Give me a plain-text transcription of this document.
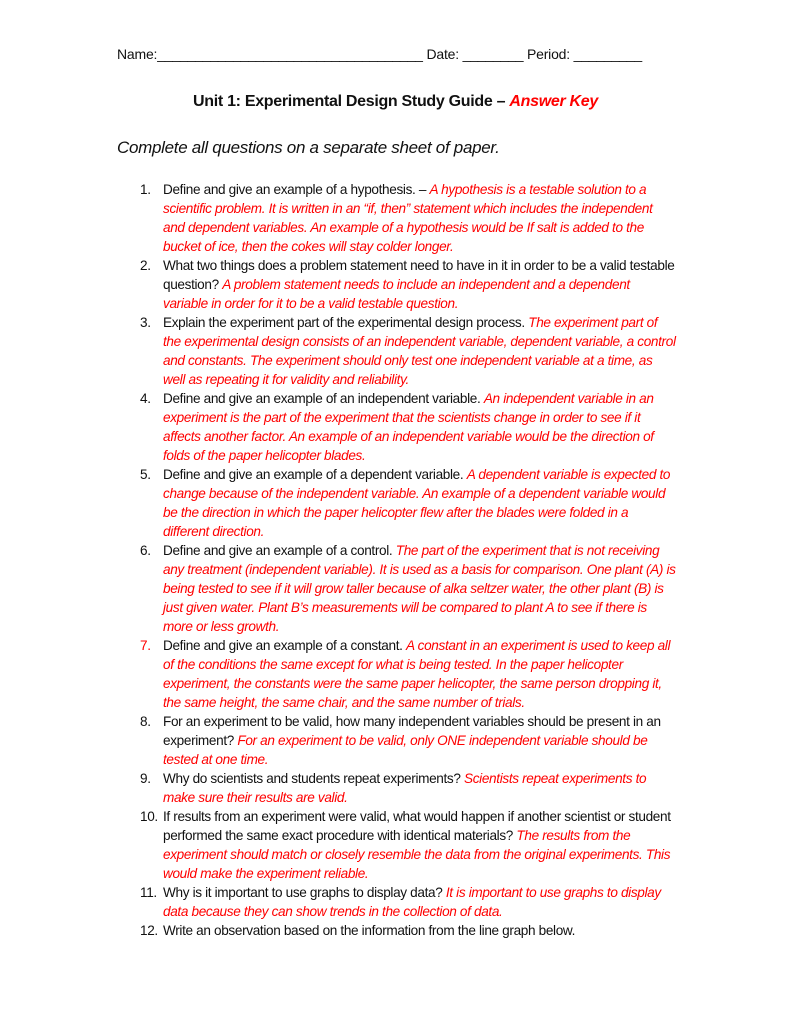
Name:___________________________________ Date: ________ Period: _________
Unit 1: Experimental Design Study Guide – Answer Key
Complete all questions on a separate sheet of paper.
1. Define and give an example of a hypothesis. – A hypothesis is a testable solution to a scientific problem. It is written in an “if, then” statement which includes the independent and dependent variables. An example of a hypothesis would be If salt is added to the bucket of ice, then the cokes will stay colder longer.
2. What two things does a problem statement need to have in it in order to be a valid testable question? A problem statement needs to include an independent and a dependent variable in order for it to be a valid testable question.
3. Explain the experiment part of the experimental design process. The experiment part of the experimental design consists of an independent variable, dependent variable, a control and constants. The experiment should only test one independent variable at a time, as well as repeating it for validity and reliability.
4. Define and give an example of an independent variable. An independent variable in an experiment is the part of the experiment that the scientists change in order to see if it affects another factor. An example of an independent variable would be the direction of folds of the paper helicopter blades.
5. Define and give an example of a dependent variable. A dependent variable is expected to change because of the independent variable. An example of a dependent variable would be the direction in which the paper helicopter flew after the blades were folded in a different direction.
6. Define and give an example of a control. The part of the experiment that is not receiving any treatment (independent variable). It is used as a basis for comparison. One plant (A) is being tested to see if it will grow taller because of alka seltzer water, the other plant (B) is just given water. Plant B’s measurements will be compared to plant A to see if there is more or less growth.
7. Define and give an example of a constant. A constant in an experiment is used to keep all of the conditions the same except for what is being tested. In the paper helicopter experiment, the constants were the same paper helicopter, the same person dropping it, the same height, the same chair, and the same number of trials.
8. For an experiment to be valid, how many independent variables should be present in an experiment? For an experiment to be valid, only ONE independent variable should be tested at one time.
9. Why do scientists and students repeat experiments? Scientists repeat experiments to make sure their results are valid.
10. If results from an experiment were valid, what would happen if another scientist or student performed the same exact procedure with identical materials? The results from the experiment should match or closely resemble the data from the original experiments. This would make the experiment reliable.
11. Why is it important to use graphs to display data? It is important to use graphs to display data because they can show trends in the collection of data.
12. Write an observation based on the information from the line graph below.
